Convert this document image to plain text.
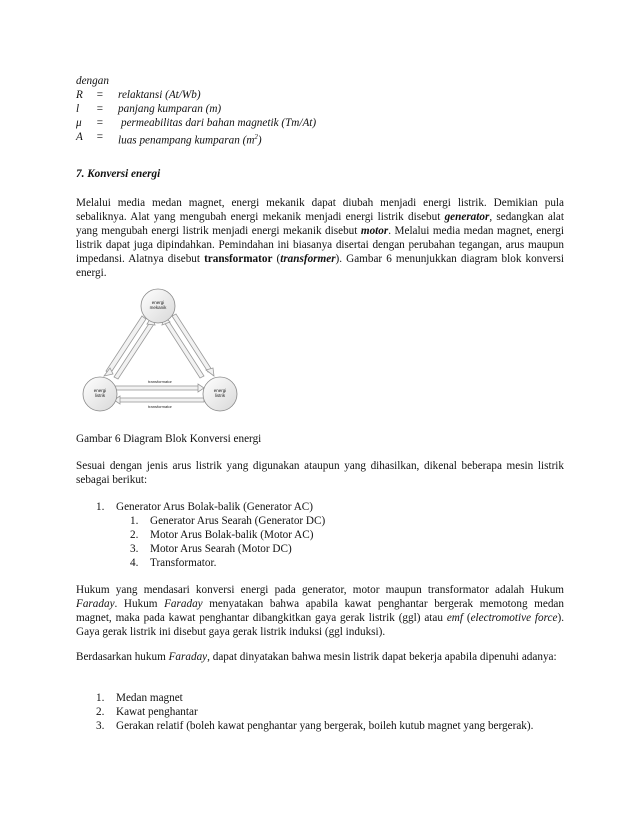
dengan
R	=	relaktansi (At/Wb)
l	=	panjang kumparan (m)
μ	=	permeabilitas dari bahan magnetik (Tm/At)
A	=	luas penampang kumparan $(m^2)$
7. Konversi energi

Melalui media medan magnet, energi mekanik dapat diubah menjadi energi listrik. Demikian pula sebaliknya. Alat yang mengubah energi mekanik menjadi energi listrik disebut generator, sedangkan alat yang mengubah energi listrik menjadi energi mekanik disebut motor. Melalui media medan magnet, energi listrik dapat juga dipindahkan. Pemindahan ini biasanya disertai dengan perubahan tegangan, arus maupun impedansi. Alatnya disebut transformator (transformer). Gambar 6 menunjukkan diagram blok konversi energi.

energi
mekanik
energi
listrik
energi
listrik
transformator
transformator
Gambar 6 Diagram Blok Konversi energi

Sesuai dengan jenis arus listrik yang digunakan ataupun yang dihasilkan, dikenal beberapa mesin listrik sebagai berikut:

1. Generator Arus Bolak-balik (Generator AC)
1. Generator Arus Searah (Generator DC)
2. Motor Arus Bolak-balik (Motor AC)
3. Motor Arus Searah (Motor DC)
4. Transformator.

Hukum yang mendasari konversi energi pada generator, motor maupun transformator adalah Hukum Faraday. Hukum Faraday menyatakan bahwa apabila kawat penghantar bergerak memotong medan magnet, maka pada kawat penghantar dibangkitkan gaya gerak listrik (ggl) atau emf (electromotive force). Gaya gerak listrik ini disebut gaya gerak listrik induksi (ggl induksi).

Berdasarkan hukum Faraday, dapat dinyatakan bahwa mesin listrik dapat bekerja apabila dipenuhi adanya:

1. Medan magnet
2. Kawat penghantar
3. Gerakan relatif (boleh kawat penghantar yang bergerak, boileh kutub magnet yang bergerak).
